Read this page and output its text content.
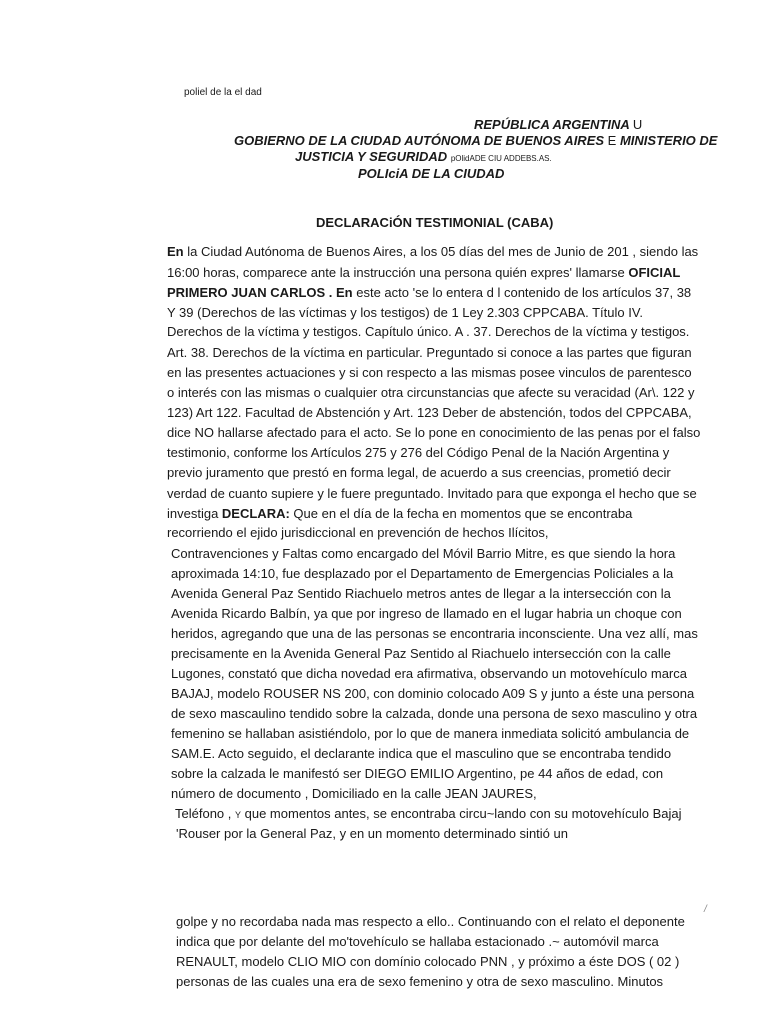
poliel de la el dad
REPÚBLICA ARGENTINA U
GOBIERNO DE LA CIUDAD AUTÓNOMA DE BUENOS AIRES E MINISTERIO DE
JUSTICIA Y SEGURIDAD pOlidADE CIU ADDEBS.AS.
POLIciA DE LA CIUDAD
DECLARACiÓN TESTIMONIAL (CABA)
En la Ciudad Autónoma de Buenos Aires, a los 05 días del mes de Junio de 201 , siendo las
16:00 horas, comparece ante la instrucción una persona quién expres' llamarse OFICIAL
PRIMERO JUAN CARLOS . En este acto 'se lo entera d l contenido de los artículos 37, 38
Y 39 (Derechos de las víctimas y los testigos) de 1 Ley 2.303 CPPCABA. Título IV.
Derechos de la víctima y testigos. Capítulo único. A . 37. Derechos de la víctima y testigos.
Art. 38. Derechos de la víctima en particular. Preguntado si conoce a las partes que figuran
en las presentes actuaciones y si con respecto a las mismas posee vinculos de parentesco
o interés con las mismas o cualquier otra circunstancias que afecte su veracidad (Ar\. 122 y
123) Art 122. Facultad de Abstención y Art. 123 Deber de abstención, todos del CPPCABA,
dice NO hallarse afectado para el acto. Se lo pone en conocimiento de las penas por el falso
testimonio, conforme los Artículos 275 y 276 del Código Penal de la Nación Argentina y
previo juramento que prestó en forma legal, de acuerdo a sus creencias, prometió decir
verdad de cuanto supiere y le fuere preguntado. Invitado para que exponga el hecho que se
investiga DECLARA: Que en el día de la fecha en momentos que se encontraba
recorriendo el ejido jurisdiccional en prevención de hechos Ilícitos,
Contravenciones y Faltas como encargado del Móvil Barrio Mitre, es que siendo la hora
aproximada 14:10, fue desplazado por el Departamento de Emergencias Policiales a la
Avenida General Paz Sentido Riachuelo metros antes de llegar a la intersección con la
Avenida Ricardo Balbín, ya que por ingreso de llamado en el lugar habria un choque con
heridos, agregando que una de las personas se encontraria inconsciente. Una vez allí, mas
precisamente en la Avenida General Paz Sentido al Riachuelo intersección con la calle
Lugones, constató que dicha novedad era afirmativa, observando un motovehículo marca
BAJAJ, modelo ROUSER NS 200, con dominio colocado A09 S y junto a éste una persona
de sexo mascaulino tendido sobre la calzada, donde una persona de sexo masculino y otra
femenino se hallaban asistiéndolo, por lo que de manera inmediata solicitó ambulancia de
SAM.E. Acto seguido, el declarante indica que el masculino que se encontraba tendido
sobre la calzada le manifestó ser DIEGO EMILIO Argentino, pe 44 años de edad, con
número de documento , Domiciliado en la calle JEAN JAURES,
Teléfono , Y que momentos antes, se encontraba circu~lando con su motovehículo Bajaj
'Rouser por la General Paz, y en un momento determinado sintió un
/
golpe y no recordaba nada mas respecto a ello.. Continuando con el relato el deponente
indica que por delante del mo'tovehículo se hallaba estacionado .~ automóvil marca
RENAULT, modelo CLIO MIO con domínio colocado PNN , y próximo a éste DOS ( 02 )
personas de las cuales una era de sexo femenino y otra de sexo masculino. Minutos
